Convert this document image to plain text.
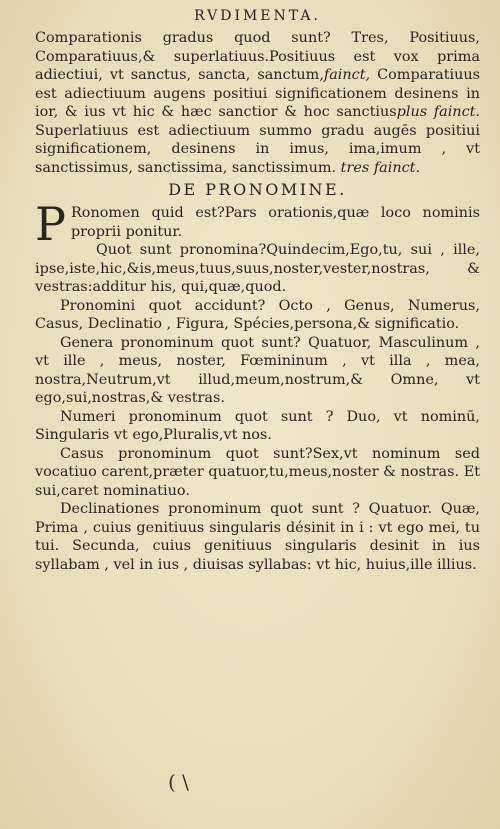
RVDIMENTA.

Comparationis gradus quod sunt? Tres, Positiuus, Comparatiuus,& superlatiuus.Positiuus est vox prima adiectiui, vt sanctus, sancta, sanctum,fainct, Comparatiuus est adiectiuum augens positiui significationem desinens in ior, & ius vt hic & hæc sanctior & hoc sanctiusplus fainct. Superlatiuus est adiectiuum summo gradu augēs positiui significationem, desinens in imus, ima,imum , vt sanctissimus, sanctissima, sanctissimum. tres fainct.

DE PRONOMINE.

P Ronomen quid est?Pars orationis,quæ loco nominis proprii ponitur.

Quot sunt pronomina?Quindecim,Ego,tu, sui , ille, ipse,iste,hic,&is,meus,tuus,suus,noster,vester,nostras, & vestras:additur his, qui,quæ,quod.

Pronomini quot accidunt? Octo , Genus, Numerus, Casus, Declinatio , Figura, Spécies,persona,& significatio.

Genera pronominum quot sunt? Quatuor, Masculinum , vt ille , meus, noster, Fœmininum , vt illa , mea, nostra,Neutrum,vt illud,meum,nostrum,& Omne, vt ego,sui,nostras,& vestras.

Numeri pronominum quot sunt ? Duo, vt nominū, Singularis vt ego,Pluralis,vt nos.

Casus pronominum quot sunt?Sex,vt nominum sed vocatiuo carent,præter quatuor,tu,meus,noster & nostras. Et sui,caret nominatiuo.

Declinationes pronominum quot sunt ? Quatuor. Quæ, Prima , cuius genitiuus singularis désinit in i : vt ego mei, tu tui. Secunda, cuius genitiuus singularis desinit in ius syllabam , vel in ius , diuisas syllabas: vt hic, huius,ille illius.

( \
